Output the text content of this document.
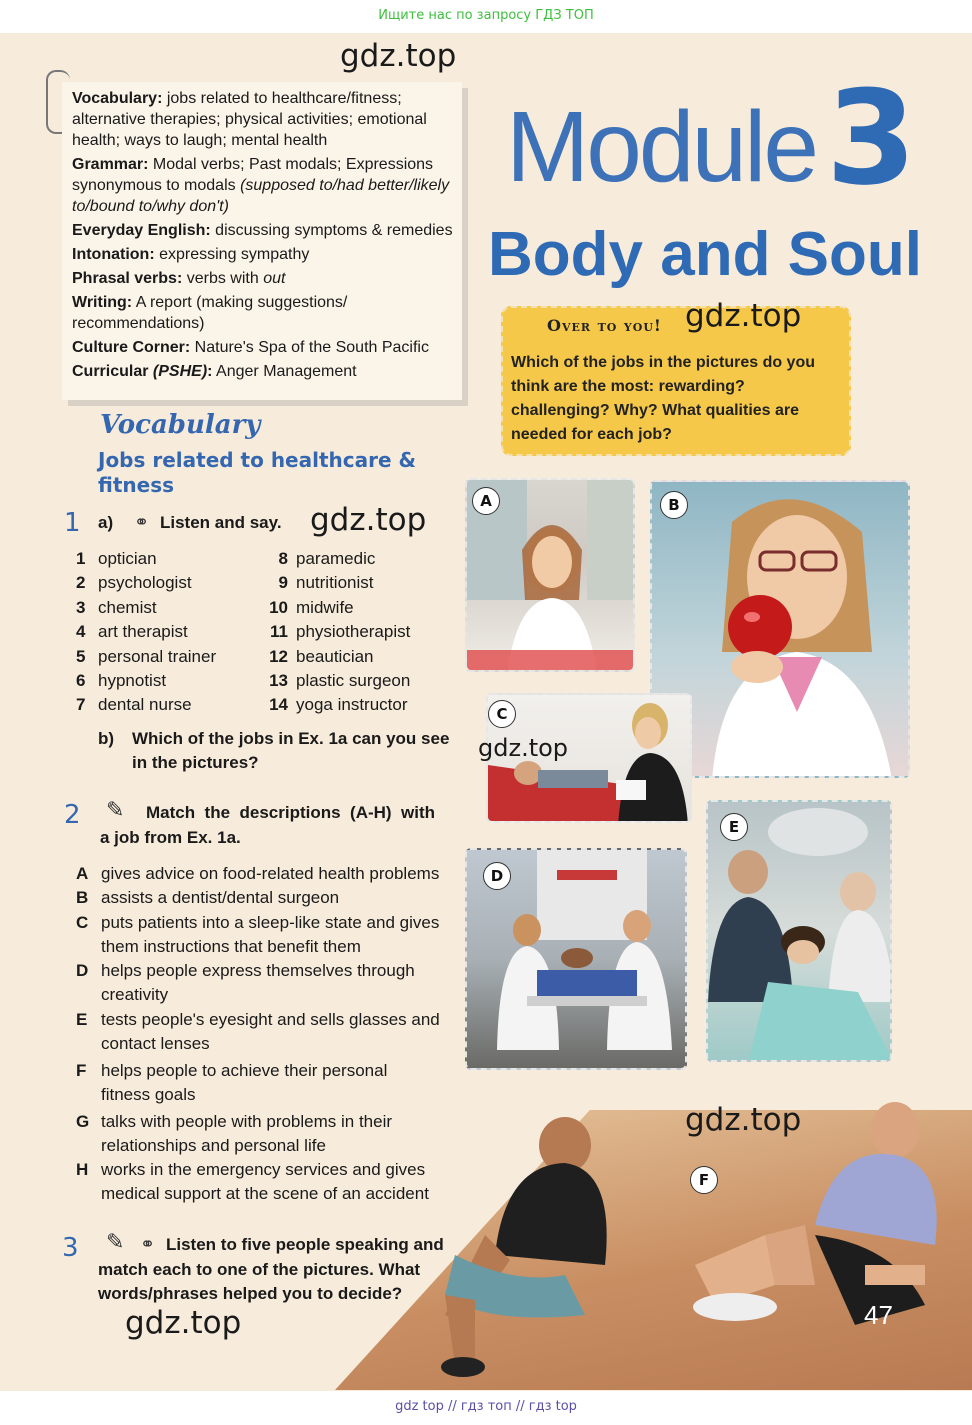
Ищите нас по запросу ГДЗ ТОП

Vocabulary: jobs related to healthcare/fitness; alternative therapies; physical activities; emotional health; ways to laugh; mental health

Grammar: Modal verbs; Past modals; Expressions synonymous to modals (supposed to/had better/likely to/bound to/why don't)

Everyday English: discussing symptoms & remedies

Intonation: expressing sympathy

Phrasal verbs: verbs with out

Writing: A report (making suggestions/ recommendations)

Culture Corner: Nature's Spa of the South Pacific

Curricular (PSHE): Anger Management

gdz.top
Module 3
Body and Soul
Over to you!
Which of the jobs in the pictures do you think are the most: rewarding? challenging? Why? What qualities are needed for each job?
gdz.top
Vocabulary
Jobs related to healthcare & fitness
1 a) ⚭ Listen and say. gdz.top
1 optician
2 psychologist
3 chemist
4 art therapist
5 personal trainer
6 hypnotist
7 dental nurse
8 paramedic
9 nutritionist
10 midwife
11 physiotherapist
12 beautician
13 plastic surgeon
14 yoga instructor
b) Which of the jobs in Ex. 1a can you see
in the pictures?
2 ✎ Match  the  descriptions  (A-H)  with
a job from Ex. 1a.
A gives advice on food-related health problems
B assists a dentist/dental surgeon
C puts patients into a sleep-like state and gives them instructions that benefit them
D helps people express themselves through creativity
E tests people's eyesight and sells glasses and contact lenses
F helps people to achieve their personal fitness goals
G talks with people with problems in their relationships and personal life
H works in the emergency services and gives medical support at the scene of an accident
3 ✎ ⚭ Listen to five people speaking and
match each to one of the pictures. What
words/phrases helped you to decide?
gdz.top
A	B
C
gdz.top
D
E
F
gdz.top
47
gdz top // гдз топ // гдз top
